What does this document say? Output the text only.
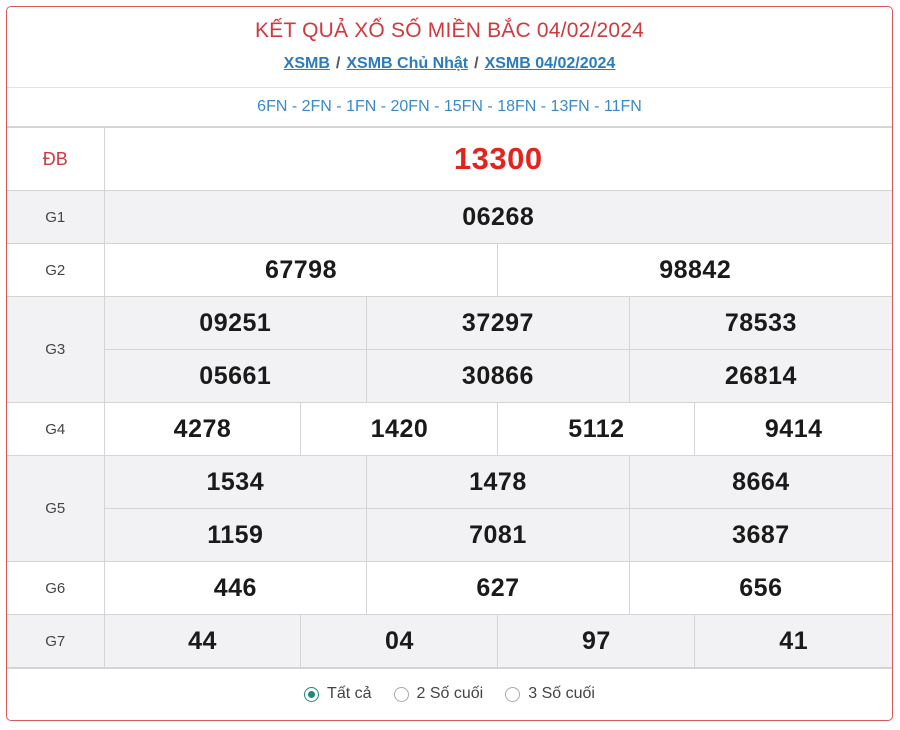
KẾT QUẢ XỔ SỐ MIỀN BẮC 04/02/2024
XSMB / XSMB Chủ Nhật / XSMB 04/02/2024
6FN - 2FN - 1FN - 20FN - 15FN - 18FN - 13FN - 11FN
ĐB	13300					
G1	06268					
G2	67798			98842		
G3	09251		37297		78533	
	05661		30866		26814	
G4	4278	1420		5112		9414
G5	1534		1478		8664	
	1159		7081		3687	
G6	446		627		656	
G7	44	04		97		41
Tất cả	2 Số cuối	3 Số cuối
